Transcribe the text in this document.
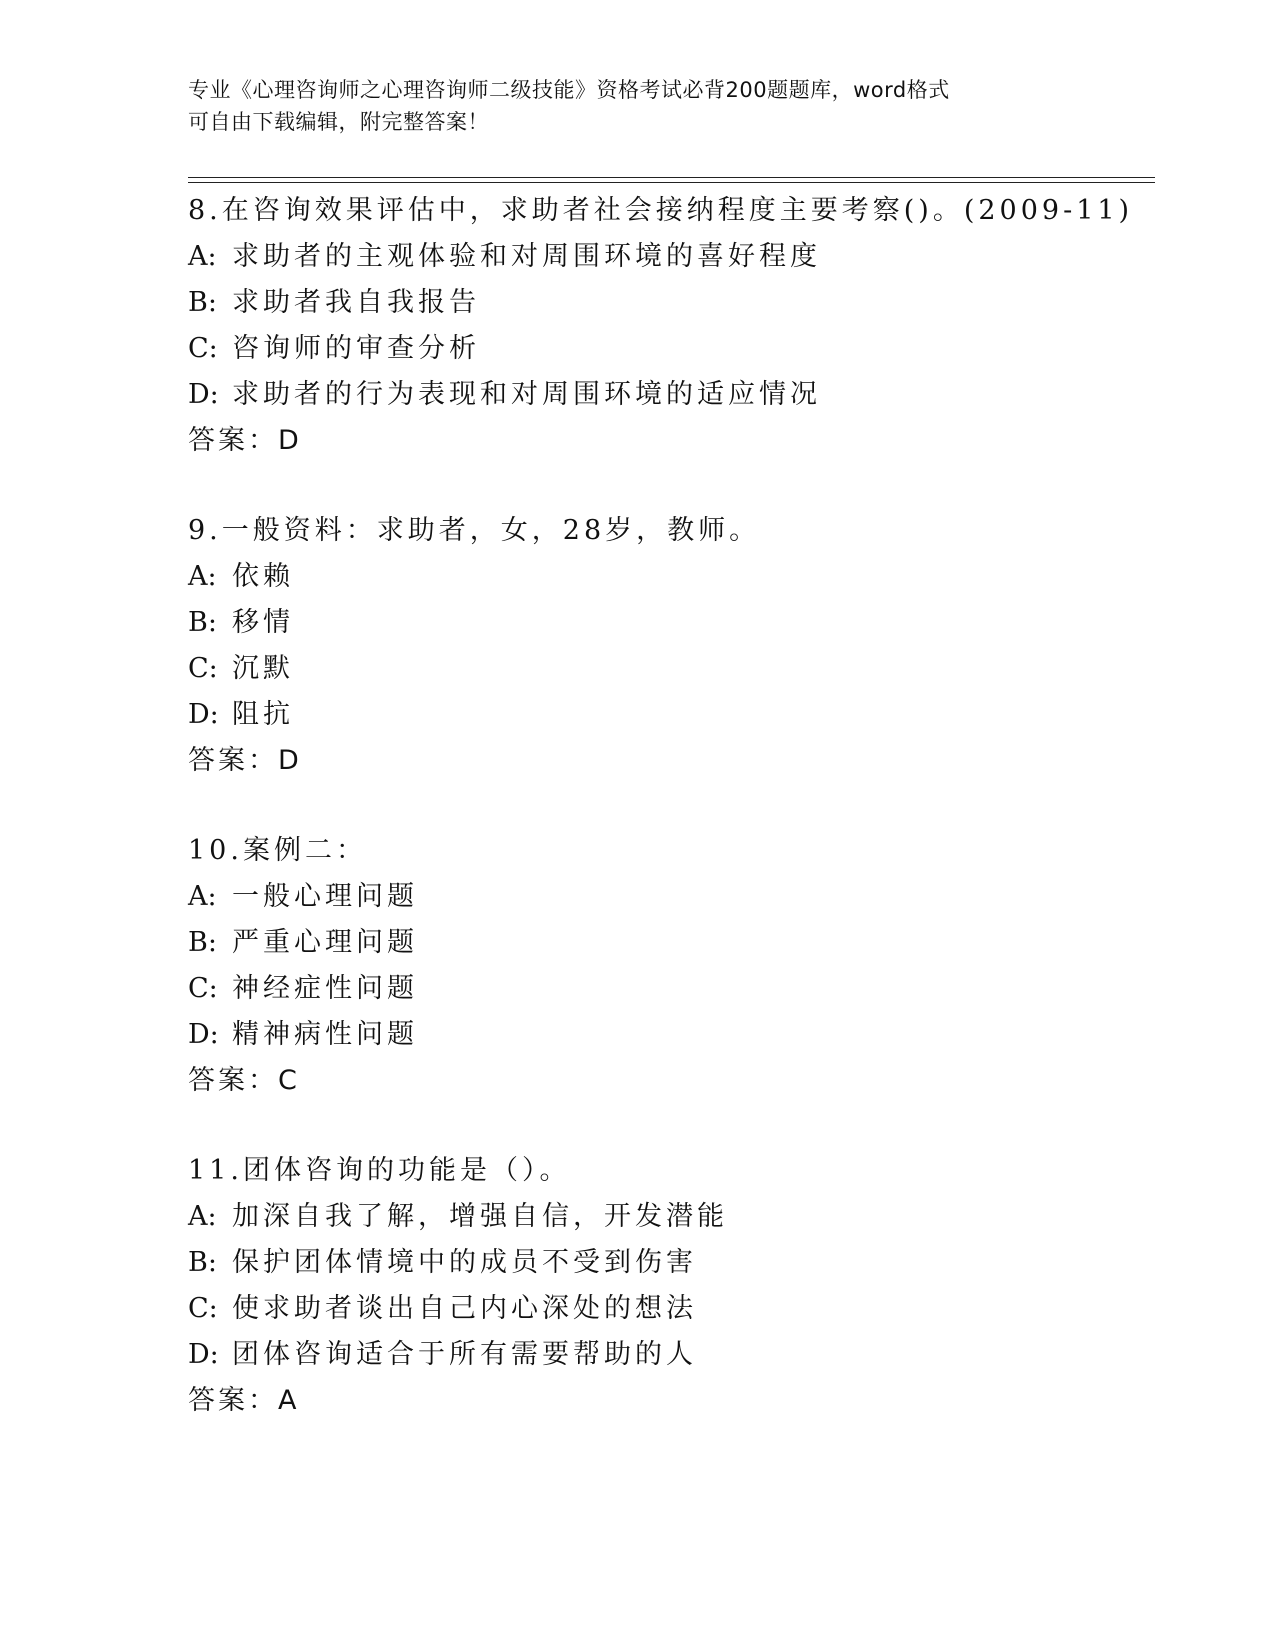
专业《心理咨询师之心理咨询师二级技能》资格考试必背200题题库，word格式
可自由下载编辑，附完整答案！
8.在咨询效果评估中，求助者社会接纳程度主要考察()。(2009-11)
A: 求助者的主观体验和对周围环境的喜好程度
B: 求助者我自我报告
C: 咨询师的审查分析
D: 求助者的行为表现和对周围环境的适应情况
答案：D
9.一般资料：求助者，女，28岁，教师。
A: 依赖
B: 移情
C: 沉默
D: 阻抗
答案：D
10.案例二：
A: 一般心理问题
B: 严重心理问题
C: 神经症性问题
D: 精神病性问题
答案：C
11.团体咨询的功能是（）。
A: 加深自我了解，增强自信，开发潜能
B: 保护团体情境中的成员不受到伤害
C: 使求助者谈出自己内心深处的想法
D: 团体咨询适合于所有需要帮助的人
答案：A
